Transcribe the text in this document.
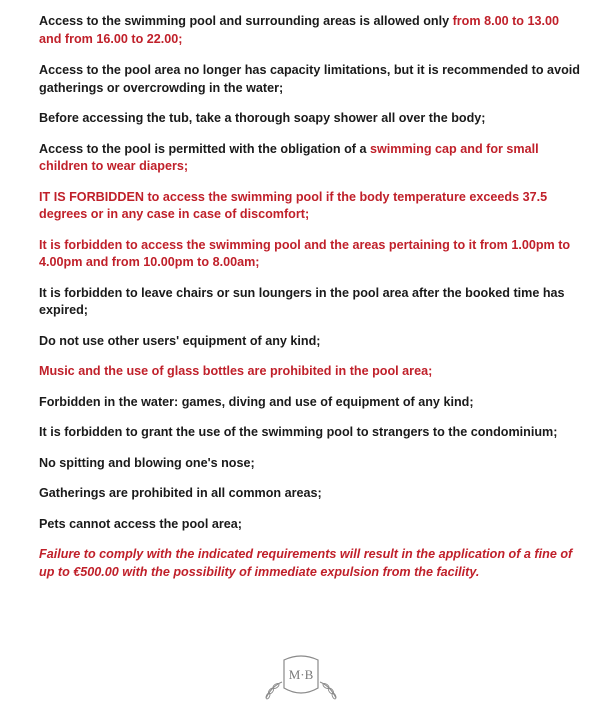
Access to the swimming pool and surrounding areas is allowed only from 8.00 to 13.00 and from 16.00 to 22.00;

Access to the pool area no longer has capacity limitations, but it is recommended to avoid gatherings or overcrowding in the water;

Before accessing the tub, take a thorough soapy shower all over the body;

Access to the pool is permitted with the obligation of a swimming cap and for small children to wear diapers;

IT IS FORBIDDEN to access the swimming pool if the body temperature exceeds 37.5 degrees or in any case in case of discomfort;

It is forbidden to access the swimming pool and the areas pertaining to it from 1.00pm to 4.00pm and from 10.00pm to 8.00am;

It is forbidden to leave chairs or sun loungers in the pool area after the booked time has expired;

Do not use other users' equipment of any kind;

Music and the use of glass bottles are prohibited in the pool area;

Forbidden in the water: games, diving and use of equipment of any kind;

It is forbidden to grant the use of the swimming pool to strangers to the condominium;

No spitting and blowing one's nose;

Gatherings are prohibited in all common areas;

Pets cannot access the pool area;

Failure to comply with the indicated requirements will result in the application of a fine of up to €500.00 with the possibility of immediate expulsion from the facility.

M·B
